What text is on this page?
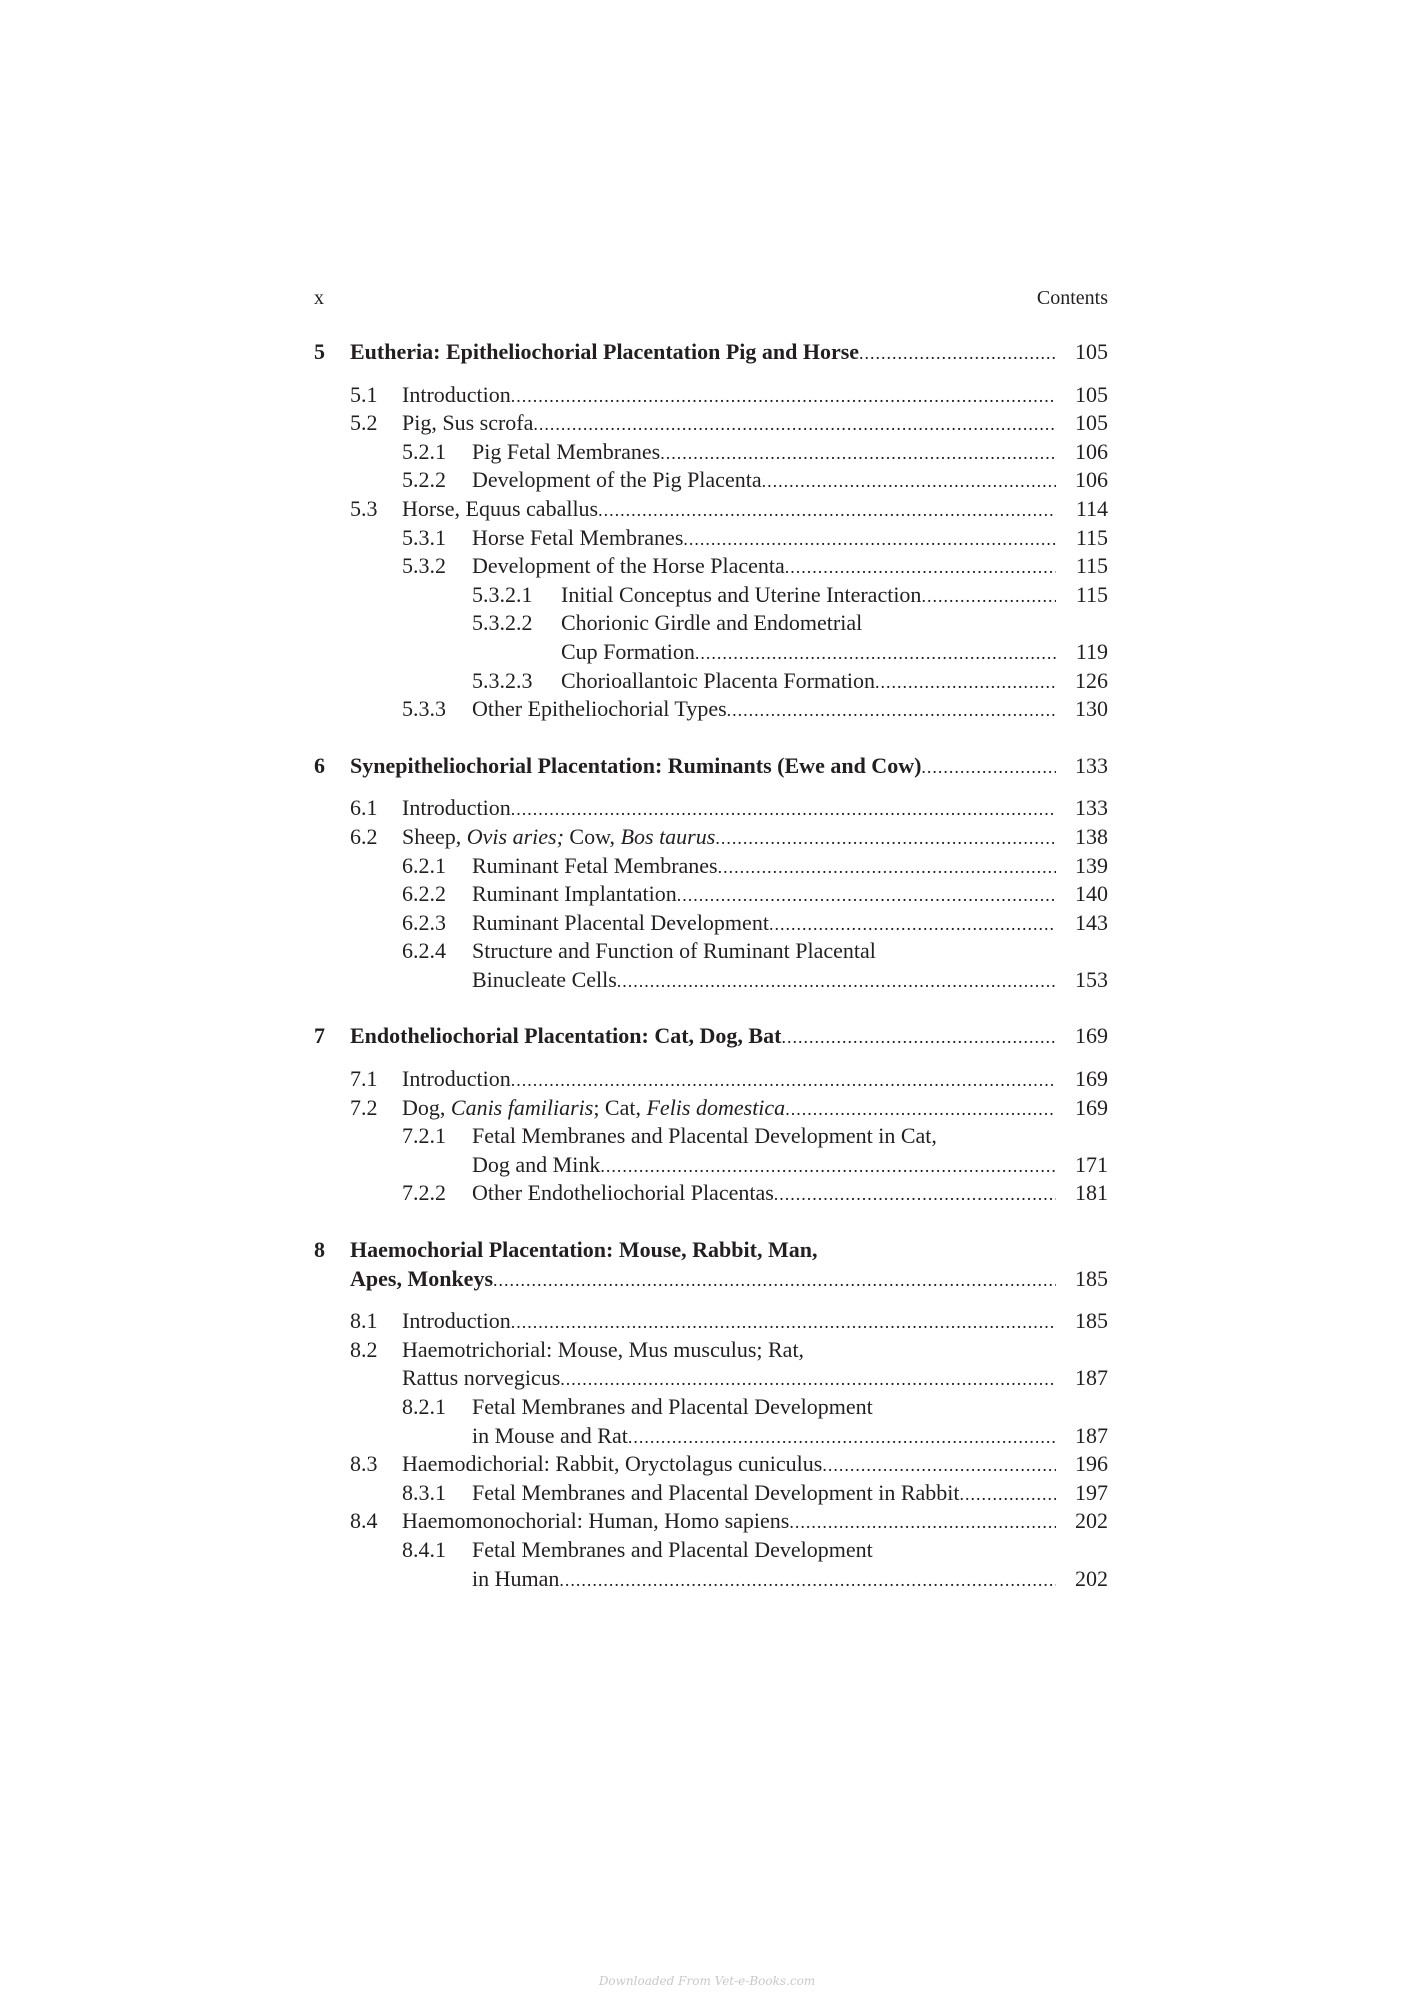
x	Contents
5 Eutheria: Epitheliochorial Placentation Pig and Horse .....	105
5.1 Introduction .....	105
5.2 Pig, Sus scrofa .....	105
5.2.1 Pig Fetal Membranes .....	106
5.2.2 Development of the Pig Placenta .....	106
5.3 Horse, Equus caballus .....	114
5.3.1 Horse Fetal Membranes .....	115
5.3.2 Development of the Horse Placenta .....	115
5.3.2.1 Initial Conceptus and Uterine Interaction .....	115
5.3.2.2 Chorionic Girdle and Endometrial
Cup Formation .....	119
5.3.2.3 Chorioallantoic Placenta Formation .....	126
5.3.3 Other Epitheliochorial Types .....	130
6 Synepitheliochorial Placentation: Ruminants (Ewe and Cow) .....	133
6.1 Introduction .....	133
6.2 Sheep, Ovis aries; Cow, Bos taurus .....	138
6.2.1 Ruminant Fetal Membranes .....	139
6.2.2 Ruminant Implantation .....	140
6.2.3 Ruminant Placental Development .....	143
6.2.4 Structure and Function of Ruminant Placental
Binucleate Cells .....	153
7 Endotheliochorial Placentation: Cat, Dog, Bat .....	169
7.1 Introduction .....	169
7.2 Dog, Canis familiaris; Cat, Felis domestica .....	169
7.2.1 Fetal Membranes and Placental Development in Cat,
Dog and Mink .....	171
7.2.2 Other Endotheliochorial Placentas .....	181
8 Haemochorial Placentation: Mouse, Rabbit, Man,
Apes, Monkeys .....	185
8.1 Introduction .....	185
8.2 Haemotrichorial: Mouse, Mus musculus; Rat,
Rattus norvegicus .....	187
8.2.1 Fetal Membranes and Placental Development
in Mouse and Rat .....	187
8.3 Haemodichorial: Rabbit, Oryctolagus cuniculus .....	196
8.3.1 Fetal Membranes and Placental Development in Rabbit .....	197
8.4 Haemomonochorial: Human, Homo sapiens .....	202
8.4.1 Fetal Membranes and Placental Development
in Human .....	202
Downloaded From Vet-e-Books.com
